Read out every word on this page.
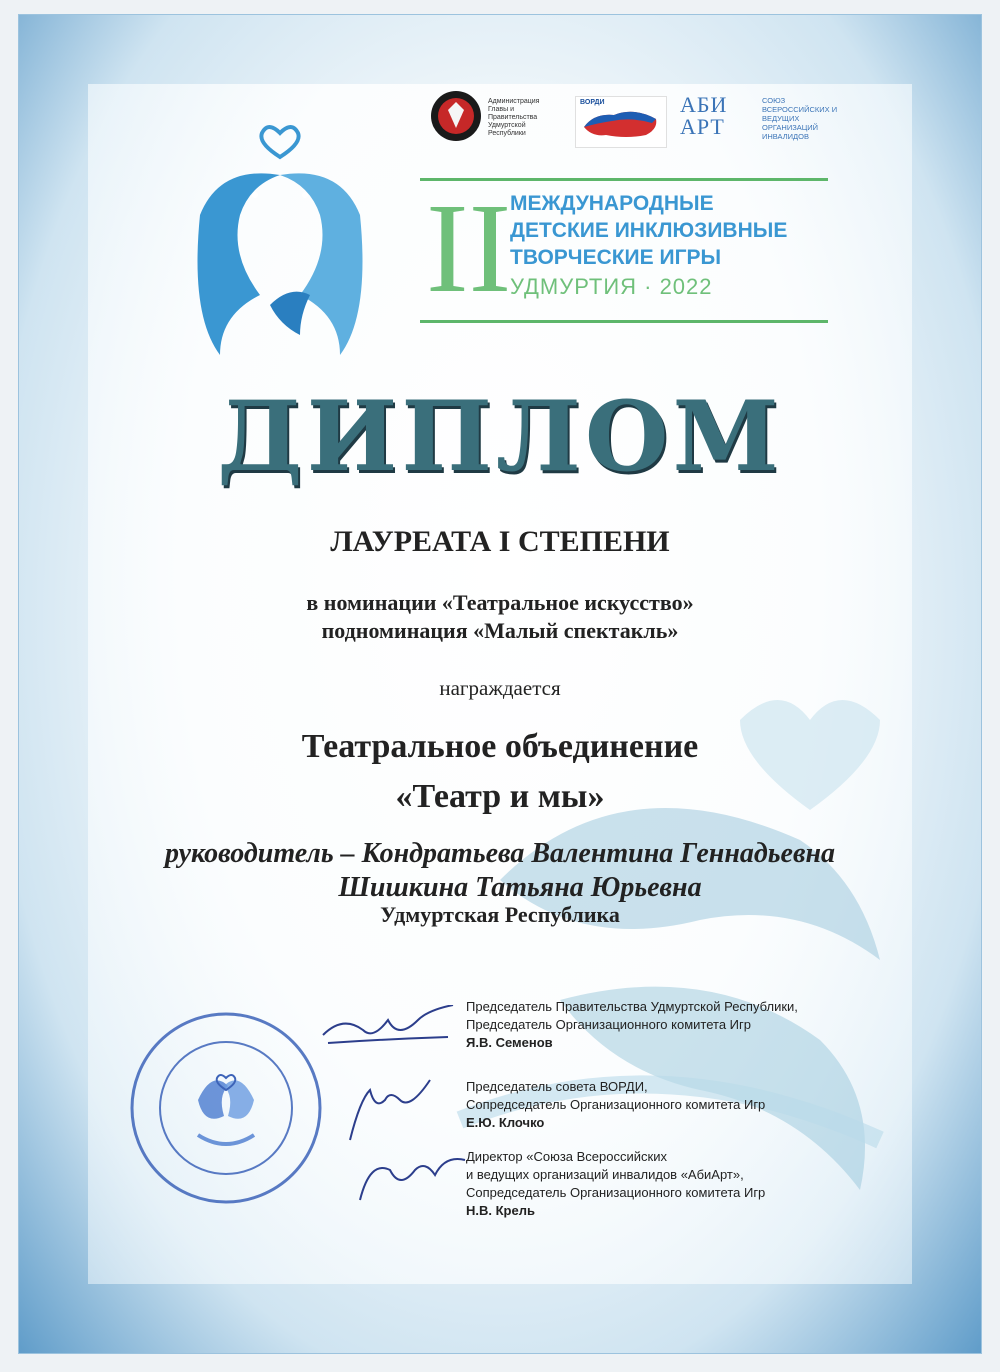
Администрация Главы и Правительства Удмуртской Республики
ВОРДИ	АБИ
АРТ
СОЮЗ ВСЕРОССИЙСКИХ И ВЕДУЩИХ ОРГАНИЗАЦИЙ ИНВАЛИДОВ
II
МЕЖДУНАРОДНЫЕ
ДЕТСКИЕ ИНКЛЮЗИВНЫЕ
ТВОРЧЕСКИЕ ИГРЫ
УДМУРТИЯ · 2022
ДИПЛОМ
ЛАУРЕАТА I СТЕПЕНИ
в номинации «Театральное искусство»
подноминация «Малый спектакль»
награждается
Театральное объединение
«Театр и мы»
руководитель – Кондратьева Валентина Геннадьевна
Шишкина Татьяна Юрьевна
Удмуртская Республика
Председатель Правительства Удмуртской Республики,
Председатель Организационного комитета Игр
Я.В. Семенов
Председатель совета ВОРДИ,
Сопредседатель Организационного комитета Игр
Е.Ю. Клочко
Директор «Союза Всероссийских
и ведущих организаций инвалидов «АбиАрт»,
Сопредседатель Организационного комитета Игр
Н.В. Крель
